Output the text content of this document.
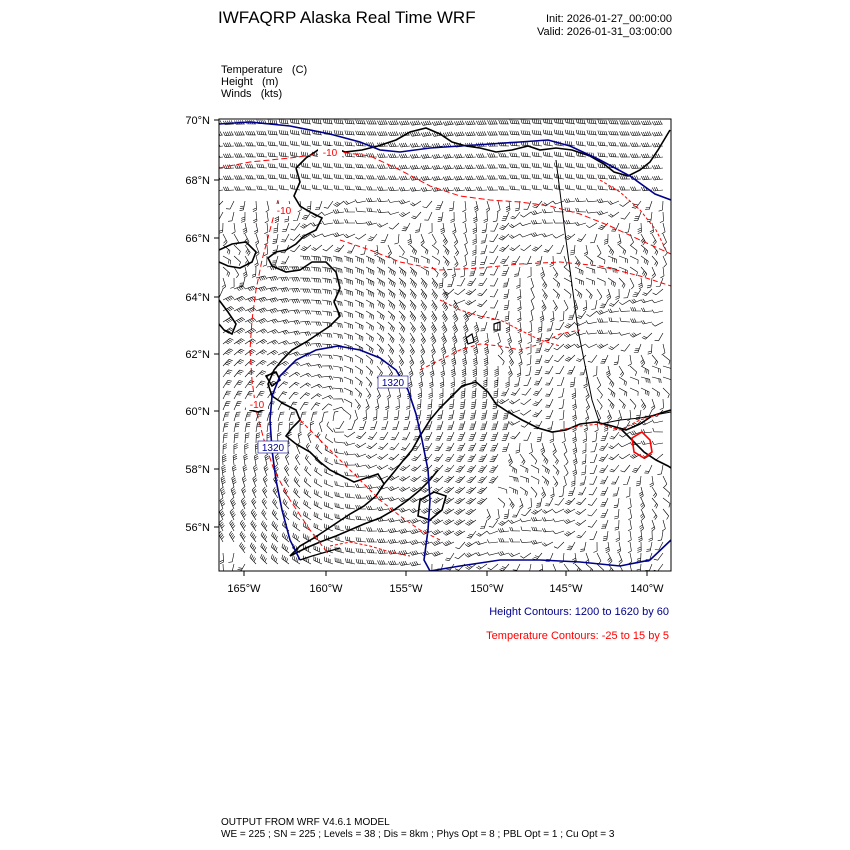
IWFAQRP Alaska Real Time WRF	Init: 2026-01-27_00:00:00
Valid: 2026-01-31_03:00:00
Temperature   (C)
Height   (m)
Winds   (kts)
1320
1320
-10
-10
-10
70°N
68°N
66°N
64°N
62°N
60°N
58°N
56°N
165°W	160°W	155°W	150°W	145°W	140°W
Height Contours: 1200 to 1620 by 60
Temperature Contours: -25 to 15 by 5
OUTPUT FROM WRF V4.6.1 MODEL
WE = 225 ; SN = 225 ; Levels = 38 ; Dis = 8km ; Phys Opt = 8 ; PBL Opt = 1 ; Cu Opt = 3
